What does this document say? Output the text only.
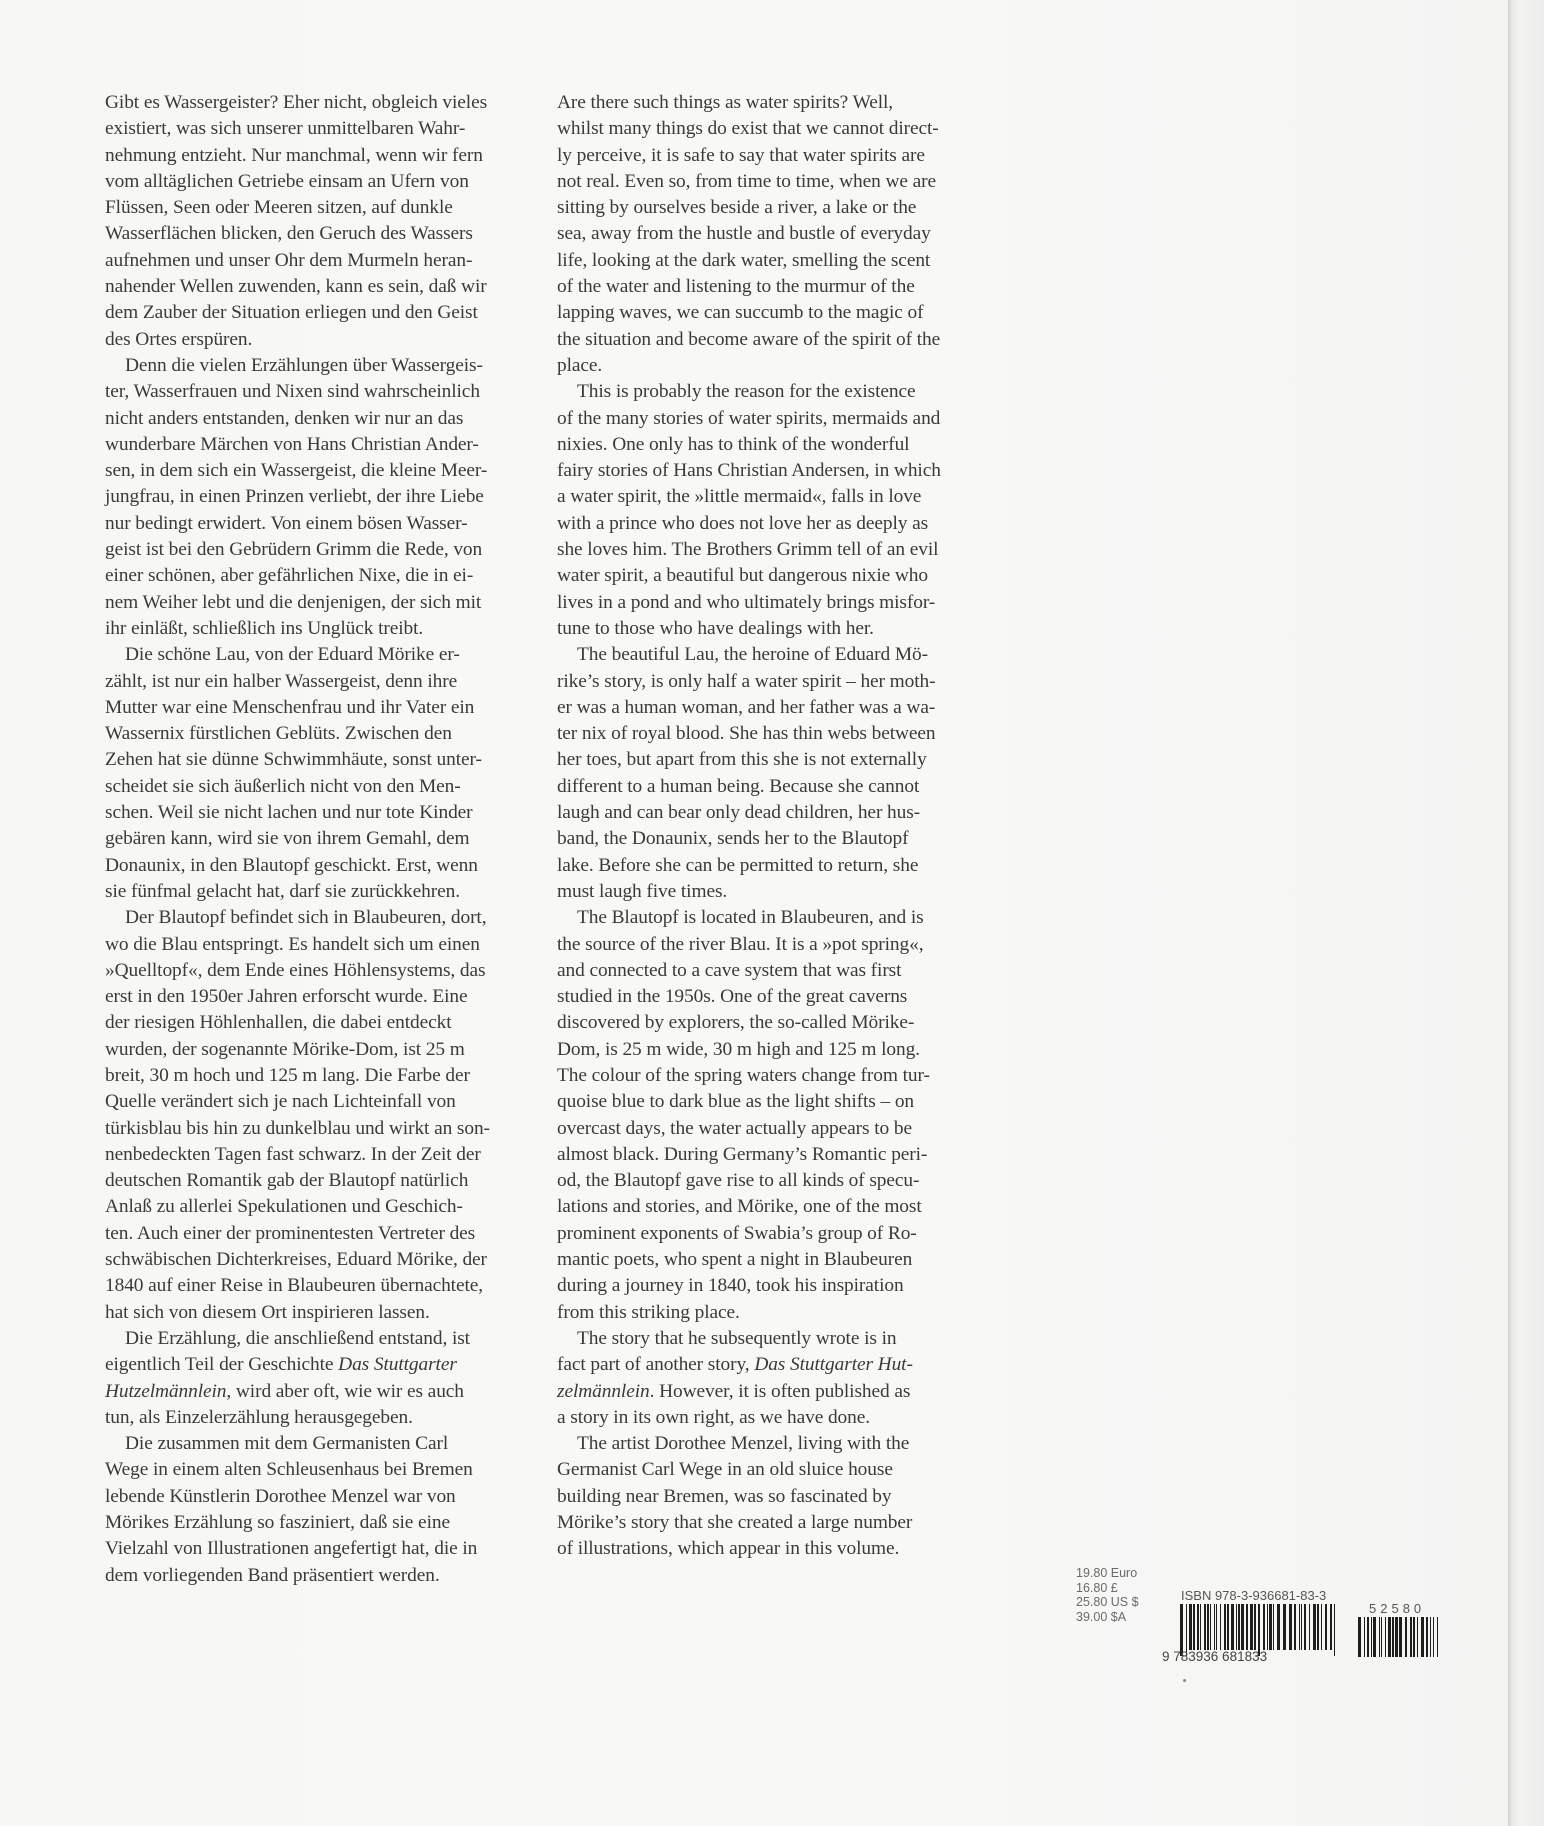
Gibt es Wassergeister? Eher nicht, obgleich vieles
existiert, was sich unserer unmittelbaren Wahr-
nehmung entzieht. Nur manchmal, wenn wir fern
vom alltäglichen Getriebe einsam an Ufern von
Flüssen, Seen oder Meeren sitzen, auf dunkle
Wasserflächen blicken, den Geruch des Wassers
aufnehmen und unser Ohr dem Murmeln heran-
nahender Wellen zuwenden, kann es sein, daß wir
dem Zauber der Situation erliegen und den Geist
des Ortes erspüren.
Denn die vielen Erzählungen über Wassergeis-
ter, Wasserfrauen und Nixen sind wahrscheinlich
nicht anders entstanden, denken wir nur an das
wunderbare Märchen von Hans Christian Ander-
sen, in dem sich ein Wassergeist, die kleine Meer-
jungfrau, in einen Prinzen verliebt, der ihre Liebe
nur bedingt erwidert. Von einem bösen Wasser-
geist ist bei den Gebrüdern Grimm die Rede, von
einer schönen, aber gefährlichen Nixe, die in ei-
nem Weiher lebt und die denjenigen, der sich mit
ihr einläßt, schließlich ins Unglück treibt.
Die schöne Lau, von der Eduard Mörike er-
zählt, ist nur ein halber Wassergeist, denn ihre
Mutter war eine Menschenfrau und ihr Vater ein
Wassernix fürstlichen Geblüts. Zwischen den
Zehen hat sie dünne Schwimmhäute, sonst unter-
scheidet sie sich äußerlich nicht von den Men-
schen. Weil sie nicht lachen und nur tote Kinder
gebären kann, wird sie von ihrem Gemahl, dem
Donaunix, in den Blautopf geschickt. Erst, wenn
sie fünfmal gelacht hat, darf sie zurückkehren.
Der Blautopf befindet sich in Blaubeuren, dort,
wo die Blau entspringt. Es handelt sich um einen
»Quelltopf«, dem Ende eines Höhlensystems, das
erst in den 1950er Jahren erforscht wurde. Eine
der riesigen Höhlenhallen, die dabei entdeckt
wurden, der sogenannte Mörike-Dom, ist 25 m
breit, 30 m hoch und 125 m lang. Die Farbe der
Quelle verändert sich je nach Lichteinfall von
türkisblau bis hin zu dunkelblau und wirkt an son-
nenbedeckten Tagen fast schwarz. In der Zeit der
deutschen Romantik gab der Blautopf natürlich
Anlaß zu allerlei Spekulationen und Geschich-
ten. Auch einer der prominentesten Vertreter des
schwäbischen Dichterkreises, Eduard Mörike, der
1840 auf einer Reise in Blaubeuren übernachtete,
hat sich von diesem Ort inspirieren lassen.
Die Erzählung, die anschließend entstand, ist
eigentlich Teil der Geschichte Das Stuttgarter
Hutzelmännlein, wird aber oft, wie wir es auch
tun, als Einzelerzählung herausgegeben.
Die zusammen mit dem Germanisten Carl
Wege in einem alten Schleusenhaus bei Bremen
lebende Künstlerin Dorothee Menzel war von
Mörikes Erzählung so fasziniert, daß sie eine
Vielzahl von Illustrationen angefertigt hat, die in
dem vorliegenden Band präsentiert werden.
Are there such things as water spirits? Well,
whilst many things do exist that we cannot direct-
ly perceive, it is safe to say that water spirits are
not real. Even so, from time to time, when we are
sitting by ourselves beside a river, a lake or the
sea, away from the hustle and bustle of everyday
life, looking at the dark water, smelling the scent
of the water and listening to the murmur of the
lapping waves, we can succumb to the magic of
the situation and become aware of the spirit of the
place.
This is probably the reason for the existence
of the many stories of water spirits, mermaids and
nixies. One only has to think of the wonderful
fairy stories of Hans Christian Andersen, in which
a water spirit, the »little mermaid«, falls in love
with a prince who does not love her as deeply as
she loves him. The Brothers Grimm tell of an evil
water spirit, a beautiful but dangerous nixie who
lives in a pond and who ultimately brings misfor-
tune to those who have dealings with her.
The beautiful Lau, the heroine of Eduard Mö-
rike’s story, is only half a water spirit – her moth-
er was a human woman, and her father was a wa-
ter nix of royal blood. She has thin webs between
her toes, but apart from this she is not externally
different to a human being. Because she cannot
laugh and can bear only dead children, her hus-
band, the Donaunix, sends her to the Blautopf
lake. Before she can be permitted to return, she
must laugh five times.
The Blautopf is located in Blaubeuren, and is
the source of the river Blau. It is a »pot spring«,
and connected to a cave system that was first
studied in the 1950s. One of the great caverns
discovered by explorers, the so-called Mörike-
Dom, is 25 m wide, 30 m high and 125 m long.
The colour of the spring waters change from tur-
quoise blue to dark blue as the light shifts – on
overcast days, the water actually appears to be
almost black. During Germany’s Romantic peri-
od, the Blautopf gave rise to all kinds of specu-
lations and stories, and Mörike, one of the most
prominent exponents of Swabia’s group of Ro-
mantic poets, who spent a night in Blaubeuren
during a journey in 1840, took his inspiration
from this striking place.
The story that he subsequently wrote is in
fact part of another story, Das Stuttgarter Hut-
zelmännlein. However, it is often published as
a story in its own right, as we have done.
The artist Dorothee Menzel, living with the
Germanist Carl Wege in an old sluice house
building near Bremen, was so fascinated by
Mörike’s story that she created a large number
of illustrations, which appear in this volume.
19.80 Euro
16.80 £
25.80 US $
39.00 $A
ISBN 978-3-936681-83-3
9 783936 681833
52580
